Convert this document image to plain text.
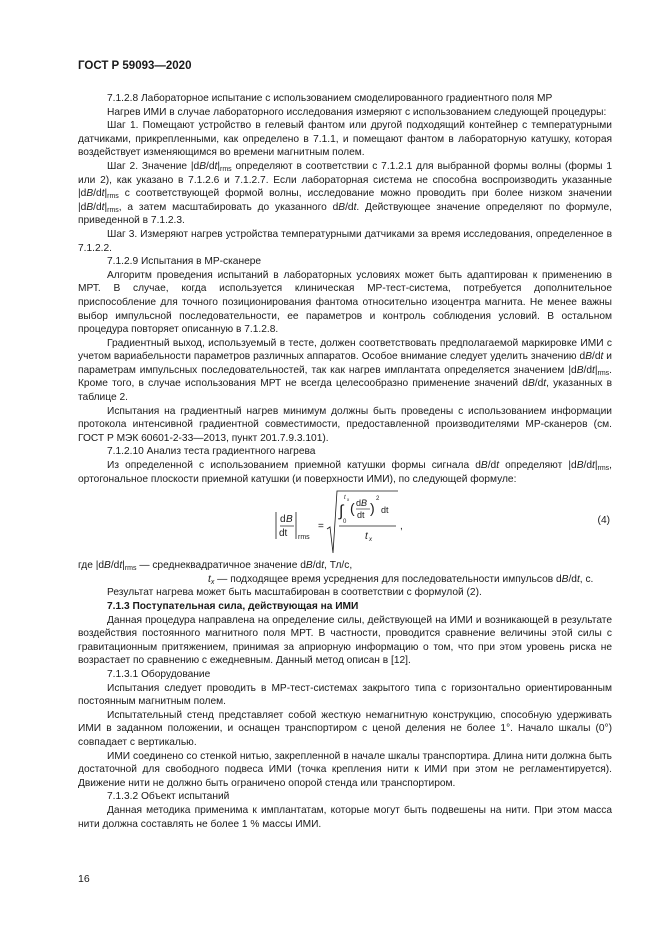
ГОСТ Р 59093—2020

7.1.2.8 Лабораторное испытание с использованием смоделированного градиентного поля МР

Нагрев ИМИ в случае лабораторного исследования измеряют с использованием следующей процедуры:

Шаг 1. Помещают устройство в гелевый фантом или другой подходящий контейнер с температурными датчиками, прикрепленными, как определено в 7.1.1, и помещают фантом в лабораторную катушку, которая воздействует изменяющимся во времени магнитным полем.

Шаг 2. Значение $|dB/dt|_{rms}$ определяют в соответствии с 7.1.2.1 для выбранной формы волны (формы 1 или 2), как указано в 7.1.2.6 и 7.1.2.7. Если лабораторная система не способна воспроизводить указанные $|dB/dt|_{rms}$ с соответствующей формой волны, исследование можно проводить при более низком значении $|dB/dt|_{rms}$, а затем масштабировать до указанного dB/dt. Действующее значение определяют по формуле, приведенной в 7.1.2.3.

Шаг 3. Измеряют нагрев устройства температурными датчиками за время исследования, определенное в 7.1.2.2.

7.1.2.9 Испытания в МР-сканере

Алгоритм проведения испытаний в лабораторных условиях может быть адаптирован к применению в МРТ. В случае, когда используется клиническая МР-тест-система, потребуется дополнительное приспособление для точного позиционирования фантома относительно изоцентра магнита. Не менее важны выбор импульсной последовательности, ее параметров и контроль соблюдения условий. В остальном процедура повторяет описанную в 7.1.2.8.

Градиентный выход, используемый в тесте, должен соответствовать предполагаемой маркировке ИМИ с учетом вариабельности параметров различных аппаратов. Особое внимание следует уделить значению dB/dt и параметрам импульсных последовательностей, так как нагрев имплантата определяется значением $|dB/dt|_{rms}$. Кроме того, в случае использования МРТ не всегда целесообразно применение значений dB/dt, указанных в таблице 2.

Испытания на градиентный нагрев минимум должны быть проведены с использованием информации протокола интенсивной градиентной совместимости, предоставленной производителями МР-сканеров (см. ГОСТ Р МЭК 60601-2-33—2013, пункт 201.7.9.3.101).

7.1.2.10 Анализ теста градиентного нагрева

Из определенной с использованием приемной катушки формы сигнала dB/dt определяют $|dB/dt|_{rms}$, ортогональное плоскости приемной катушки (и поверхности ИМИ), по следующей формуле:

d B
dt rms
=
∫
t x
0
( d B
dt )
2
dt
t x
,
(4)

где $|dB/dt|_{rms}$ — среднеквадратичное значение dB/dt, Тл/с,

$t_x$ — подходящее время усреднения для последовательности импульсов dB/dt, с.

Результат нагрева может быть масштабирован в соответствии с формулой (2).

7.1.3 Поступательная сила, действующая на ИМИ

Данная процедура направлена на определение силы, действующей на ИМИ и возникающей в результате воздействия постоянного магнитного поля МРТ. В частности, проводится сравнение величины этой силы с гравитационным притяжением, принимая за априорную информацию о том, что при этом уровень риска не возрастает по сравнению с ежедневным. Данный метод описан в [12].

7.1.3.1 Оборудование

Испытания следует проводить в МР-тест-системах закрытого типа с горизонтально ориентированным постоянным магнитным полем.

Испытательный стенд представляет собой жесткую немагнитную конструкцию, способную удерживать ИМИ в заданном положении, и оснащен транспортиром с ценой деления не более 1°. Начало шкалы (0°) совпадает с вертикалью.

ИМИ соединено со стенкой нитью, закрепленной в начале шкалы транспортира. Длина нити должна быть достаточной для свободного подвеса ИМИ (точка крепления нити к ИМИ при этом не регламентируется). Движение нити не должно быть ограничено опорой стенда или транспортиром.

7.1.3.2 Объект испытаний

Данная методика применима к имплантатам, которые могут быть подвешены на нити. При этом масса нити должна составлять не более 1 % массы ИМИ.

16
